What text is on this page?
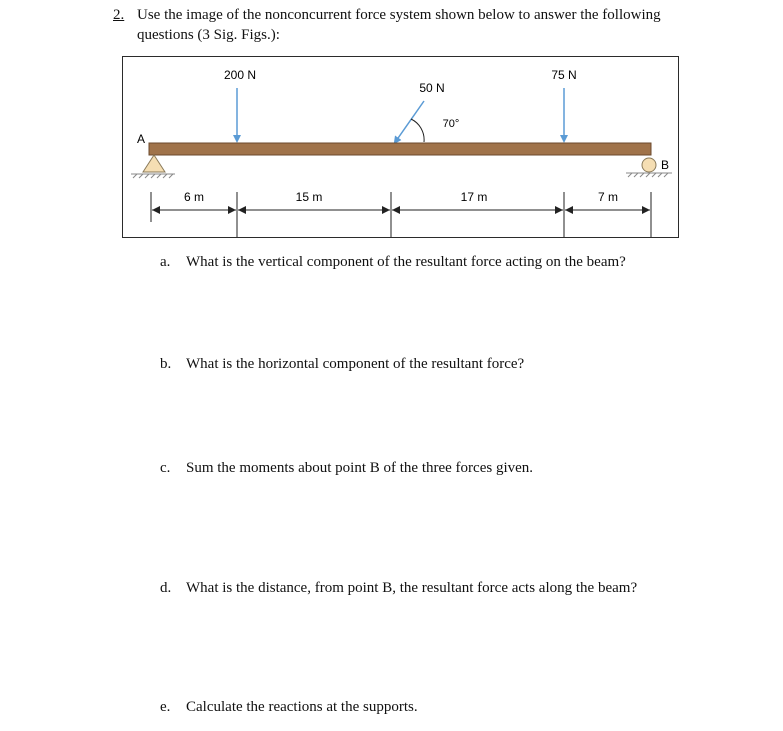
2. Use the image of the nonconcurrent force system shown below to answer the following
questions (3 Sig. Figs.):
200 N
50 N
75 N
70°
A
B
6 m	15 m	17 m	7 m
a. What is the vertical component of the resultant force acting on the beam?
b. What is the horizontal component of the resultant force?
c. Sum the moments about point B of the three forces given.
d. What is the distance, from point B, the resultant force acts along the beam?
e. Calculate the reactions at the supports.
